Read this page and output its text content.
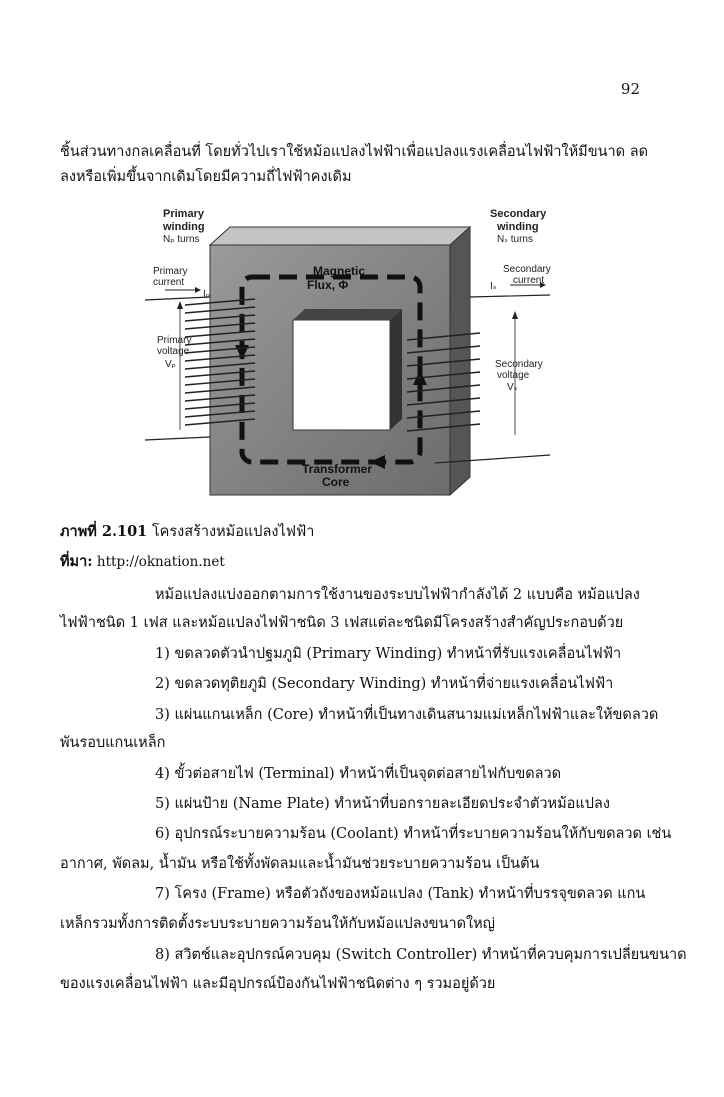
92

ชิ้นส่วนทางกลเคลื่อนที่ โดยทั่วไปเราใช้หม้อแปลงไฟฟ้าเพื่อแปลงแรงเคลื่อนไฟฟ้าให้มีขนาด ลดลงหรือเพิ่มขึ้นจากเดิมโดยมีความถี่ไฟฟ้าคงเดิม

Primary
winding
Nₚ turns
Secondary
winding
Nₛ turns
Primary
current
Iₚ
Secondary
current
Iₛ
Primary
voltage
Vₚ	Secondary
voltage
Vₛ
Magnetic
Flux, Φ
Transformer
Core
ภาพที่ 2.101 โครงสร้างหม้อแปลงไฟฟ้า
ที่มา: http://oknation.net
หม้อแปลงแบ่งออกตามการใช้งานของระบบไฟฟ้ากำลังได้ 2 แบบคือ หม้อแปลง
ไฟฟ้าชนิด 1 เฟส และหม้อแปลงไฟฟ้าชนิด 3 เฟสแต่ละชนิดมีโครงสร้างสำคัญประกอบด้วย
1) ขดลวดตัวนำปฐมภูมิ (Primary Winding) ทำหน้าที่รับแรงเคลื่อนไฟฟ้า
2) ขดลวดทุติยภูมิ (Secondary Winding) ทำหน้าที่จ่ายแรงเคลื่อนไฟฟ้า
3) แผ่นแกนเหล็ก (Core) ทำหน้าที่เป็นทางเดินสนามแม่เหล็กไฟฟ้าและให้ขดลวด
พันรอบแกนเหล็ก
4) ขั้วต่อสายไฟ (Terminal) ทำหน้าที่เป็นจุดต่อสายไฟกับขดลวด
5) แผ่นป้าย (Name Plate) ทำหน้าที่บอกรายละเอียดประจำตัวหม้อแปลง
6) อุปกรณ์ระบายความร้อน (Coolant) ทำหน้าที่ระบายความร้อนให้กับขดลวด เช่น
อากาศ, พัดลม, น้ำมัน หรือใช้ทั้งพัดลมและน้ำมันช่วยระบายความร้อน เป็นต้น
7) โครง (Frame) หรือตัวถังของหม้อแปลง (Tank) ทำหน้าที่บรรจุขดลวด แกน
เหล็กรวมทั้งการติดตั้งระบบระบายความร้อนให้กับหม้อแปลงขนาดใหญ่
8) สวิตช์และอุปกรณ์ควบคุม (Switch Controller) ทำหน้าที่ควบคุมการเปลี่ยนขนาด
ของแรงเคลื่อนไฟฟ้า และมีอุปกรณ์ป้องกันไฟฟ้าชนิดต่าง ๆ รวมอยู่ด้วย
